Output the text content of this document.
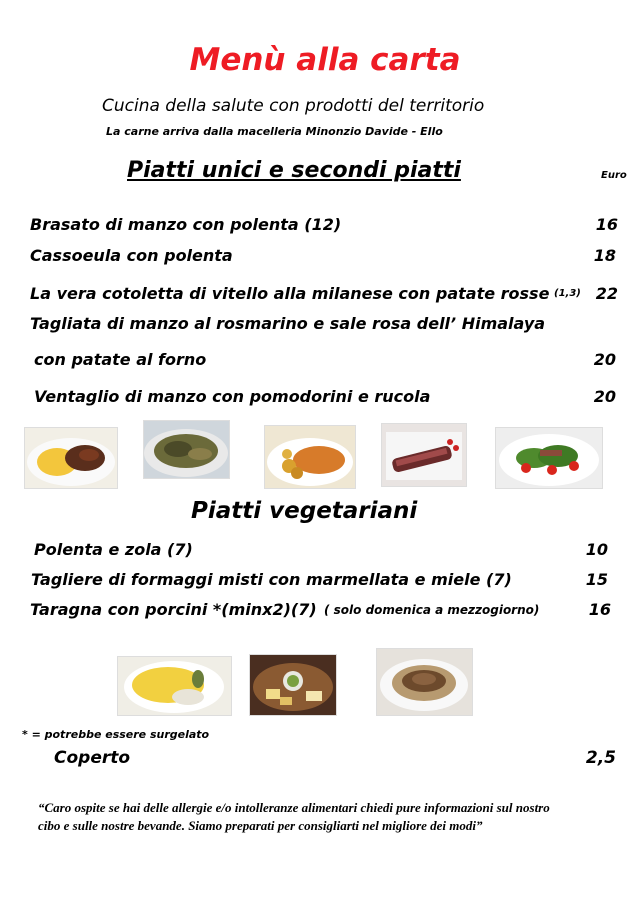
Menù alla carta
Cucina della salute con prodotti del territorio
La carne arriva dalla macelleria Minonzio Davide - Ello
Piatti unici e secondi piatti	Euro
Brasato di manzo con polenta (12)	16
Cassoeula con polenta	18
La vera cotoletta di vitello alla milanese con patate rosse (1,3) 22
Tagliata di manzo al rosmarino e sale rosa dell’ Himalaya
con patate al forno	20
Ventaglio di manzo con pomodorini e rucola	20
Piatti vegetariani
Polenta e zola (7)	10
Tagliere di formaggi misti con marmellata e miele (7)	15
Taragna con porcini *(minx2)(7) ( solo domenica a mezzogiorno)	16
* = potrebbe essere surgelato
Coperto	2,5
“Caro ospite se hai delle allergie e/o intolleranze alimentari chiedi pure informazioni sul nostro
cibo e sulle nostre bevande. Siamo preparati per consigliarti nel migliore dei modi”
